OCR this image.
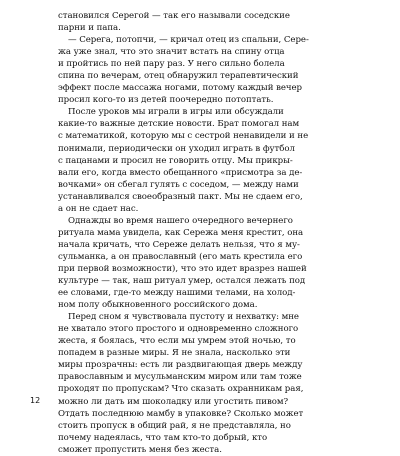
становился Серегой — так его называли соседские
парни и папа.
— Серега, потопчи, — кричал отец из спальни, Сере-
жа уже знал, что это значит встать на спину отца
и пройтись по ней пару раз. У него сильно болела
спина по вечерам, отец обнаружил терапевтический
эффект после массажа ногами, потому каждый вечер
просил кого-то из детей поочередно потоптать.
После уроков мы играли в игры или обсуждали
какие-то важные детские новости. Брат помогал нам
с математикой, которую мы с сестрой ненавидели и не
понимали, периодически он уходил играть в футбол
с пацанами и просил не говорить отцу. Мы прикры-
вали его, когда вместо обещанного «присмотра за де-
вочками» он сбегал гулять с соседом, — между нами
устанавливался своеобразный пакт. Мы не сдаем его,
а он не сдает нас.
Однажды во время нашего очередного вечернего
ритуала мама увидела, как Сережа меня крестит, она
начала кричать, что Сереже делать нельзя, что я му-
сульманка, а он православный (его мать крестила его
при первой возможности), что это идет вразрез нашей
культуре — так, наш ритуал умер, остался лежать под
ее словами, где-то между нашими телами, на холод-
ном полу обыкновенного российского дома.
Перед сном я чувствовала пустоту и нехватку: мне
не хватало этого простого и одновременно сложного
жеста, я боялась, что если мы умрем этой ночью, то
попадем в разные миры. Я не знала, насколько эти
миры прозрачны: есть ли раздвигающая дверь между
православным и мусульманским миром или там тоже
проходят по пропускам? Что сказать охранникам рая,
можно ли дать им шоколадку или угостить пивом?
Отдать последнюю мамбу в упаковке? Сколько может
стоить пропуск в общий рай, я не представляла, но
почему надеялась, что там кто-то добрый, кто
сможет пропустить меня без жеста.
12
